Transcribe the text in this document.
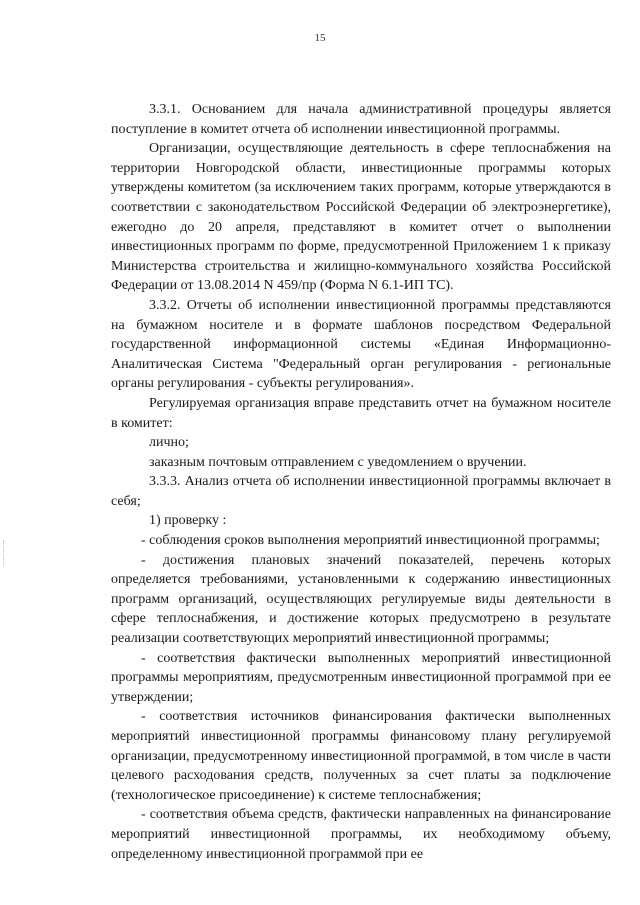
15

3.3.1. Основанием для начала административной процедуры является поступление в комитет отчета об исполнении инвестиционной программы.

Организации, осуществляющие деятельность в сфере теплоснабжения на территории Новгородской области, инвестиционные программы которых утверждены комитетом (за исключением таких программ, которые утверждаются в соответствии с законодательством Российской Федерации об электроэнергетике), ежегодно до 20 апреля, представляют в комитет отчет о выполнении инвестиционных программ по форме, предусмотренной Приложением 1 к приказу Министерства строительства и жилищно-коммунального хозяйства Российской Федерации от 13.08.2014 N 459/пр (Форма N 6.1-ИП ТС).

3.3.2. Отчеты об исполнении инвестиционной программы представляются на бумажном носителе и в формате шаблонов посредством Федеральной государственной информационной системы «Единая Информационно-Аналитическая Система "Федеральный орган регулирования - региональные органы регулирования - субъекты регулирования».

Регулируемая организация вправе представить отчет на бумажном носителе в комитет:

лично;

заказным почтовым отправлением с уведомлением о вручении.

3.3.3. Анализ отчета об исполнении инвестиционной программы включает в себя;

1) проверку :

- соблюдения сроков выполнения мероприятий инвестиционной программы;

- достижения плановых значений показателей, перечень которых определяется требованиями, установленными к содержанию инвестиционных программ организаций, осуществляющих регулируемые виды деятельности в сфере теплоснабжения, и достижение которых предусмотрено в результате реализации соответствующих мероприятий инвестиционной программы;

- соответствия фактически выполненных мероприятий инвестиционной программы мероприятиям, предусмотренным инвестиционной программой при ее утверждении;

- соответствия источников финансирования фактически выполненных мероприятий инвестиционной программы финансовому плану регулируемой организации, предусмотренному инвестиционной программой, в том числе в части целевого расходования средств, полученных за счет платы за подключение (технологическое присоединение) к системе теплоснабжения;

- соответствия объема средств, фактически направленных на финансирование мероприятий инвестиционной программы, их необходимому объему, определенному инвестиционной программой при ее
